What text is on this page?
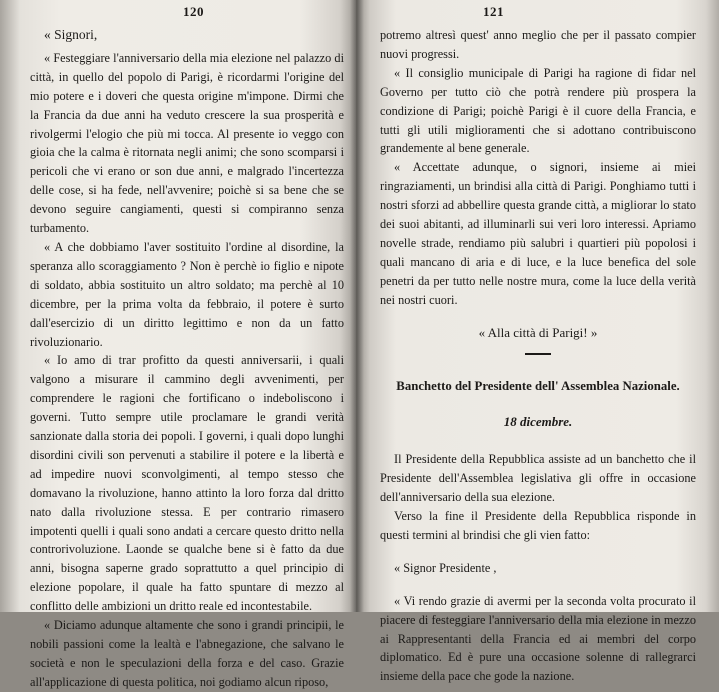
120

« Signori,

« Festeggiare l'anniversario della mia elezione nel palazzo di città, in quello del popolo di Parigi, è ricordarmi l'origine del mio potere e i doveri che questa origine m'impone. Dirmi che la Francia da due anni ha veduto crescere la sua prosperità e rivolgermi l'elogio che più mi tocca. Al presente io veggo con gioia che la calma è ritornata negli animi; che sono scomparsi i pericoli che vi erano or son due anni, e malgrado l'incertezza delle cose, si ha fede, nell'avvenire; poichè si sa bene che se devono seguire cangiamenti, questi si compiranno senza turbamento.

« A che dobbiamo l'aver sostituito l'ordine al disordine, la speranza allo scoraggiamento ? Non è perchè io figlio e nipote di soldato, abbia sostituito un altro soldato; ma perchè al 10 dicembre, per la prima volta da febbraio, il potere è surto dall'esercizio di un diritto legittimo e non da un fatto rivoluzionario.

« Io amo di trar profitto da questi anniversarii, i quali valgono a misurare il cammino degli avvenimenti, per comprendere le ragioni che fortificano o indeboliscono i governi. Tutto sempre utile proclamare le grandi verità sanzionate dalla storia dei popoli. I governi, i quali dopo lunghi disordini civili son pervenuti a stabilire il potere e la libertà e ad impedire nuovi sconvolgimenti, al tempo stesso che domavano la rivoluzione, hanno attinto la loro forza dal dritto nato dalla rivoluzione stessa. E per contrario rimasero impotenti quelli i quali sono andati a cercare questo dritto nella controrivoluzione. Laonde se qualche bene si è fatto da due anni, bisogna saperne grado soprattutto a quel principio di elezione popolare, il quale ha fatto spuntare di mezzo al conflitto delle ambizioni un dritto reale ed incontestabile.

« Diciamo adunque altamente che sono i grandi principii, le nobili passioni come la lealtà e l'abnegazione, che salvano le società e non le speculazioni della forza e del caso. Grazie all'applicazione di questa politica, noi godiamo alcun riposo,

121

potremo altresì quest' anno meglio che per il passato compier nuovi progressi.

« Il consiglio municipale di Parigi ha ragione di fidar nel Governo per tutto ciò che potrà rendere più prospera la condizione di Parigi; poichè Parigi è il cuore della Francia, e tutti gli utili miglioramenti che si adottano contribuiscono grandemente al bene generale.

« Accettate adunque, o signori, insieme ai miei ringraziamenti, un brindisi alla città di Parigi. Ponghiamo tutti i nostri sforzi ad abbellire questa grande città, a migliorar lo stato dei suoi abitanti, ad illuminarli sui veri loro interessi. Apriamo novelle strade, rendiamo più salubri i quartieri più popolosi i quali mancano di aria e di luce, e la luce benefica del sole penetri da per tutto nelle nostre mura, come la luce della verità nei nostri cuori.

« Alla città di Parigi! »

Banchetto del Presidente dell' Assemblea Nazionale.

18 dicembre.

Il Presidente della Repubblica assiste ad un banchetto che il Presidente dell'Assemblea legislativa gli offre in occasione dell'anniversario della sua elezione.

Verso la fine il Presidente della Repubblica risponde in questi termini al brindisi che gli vien fatto:

« Signor Presidente ,

« Vi rendo grazie di avermi per la seconda volta procurato il piacere di festeggiare l'anniversario della mia elezione in mezzo ai Rappresentanti della Francia ed ai membri del corpo diplomatico. Ed è pure una occasione solenne di rallegrarci insieme della pace che gode la nazione.
